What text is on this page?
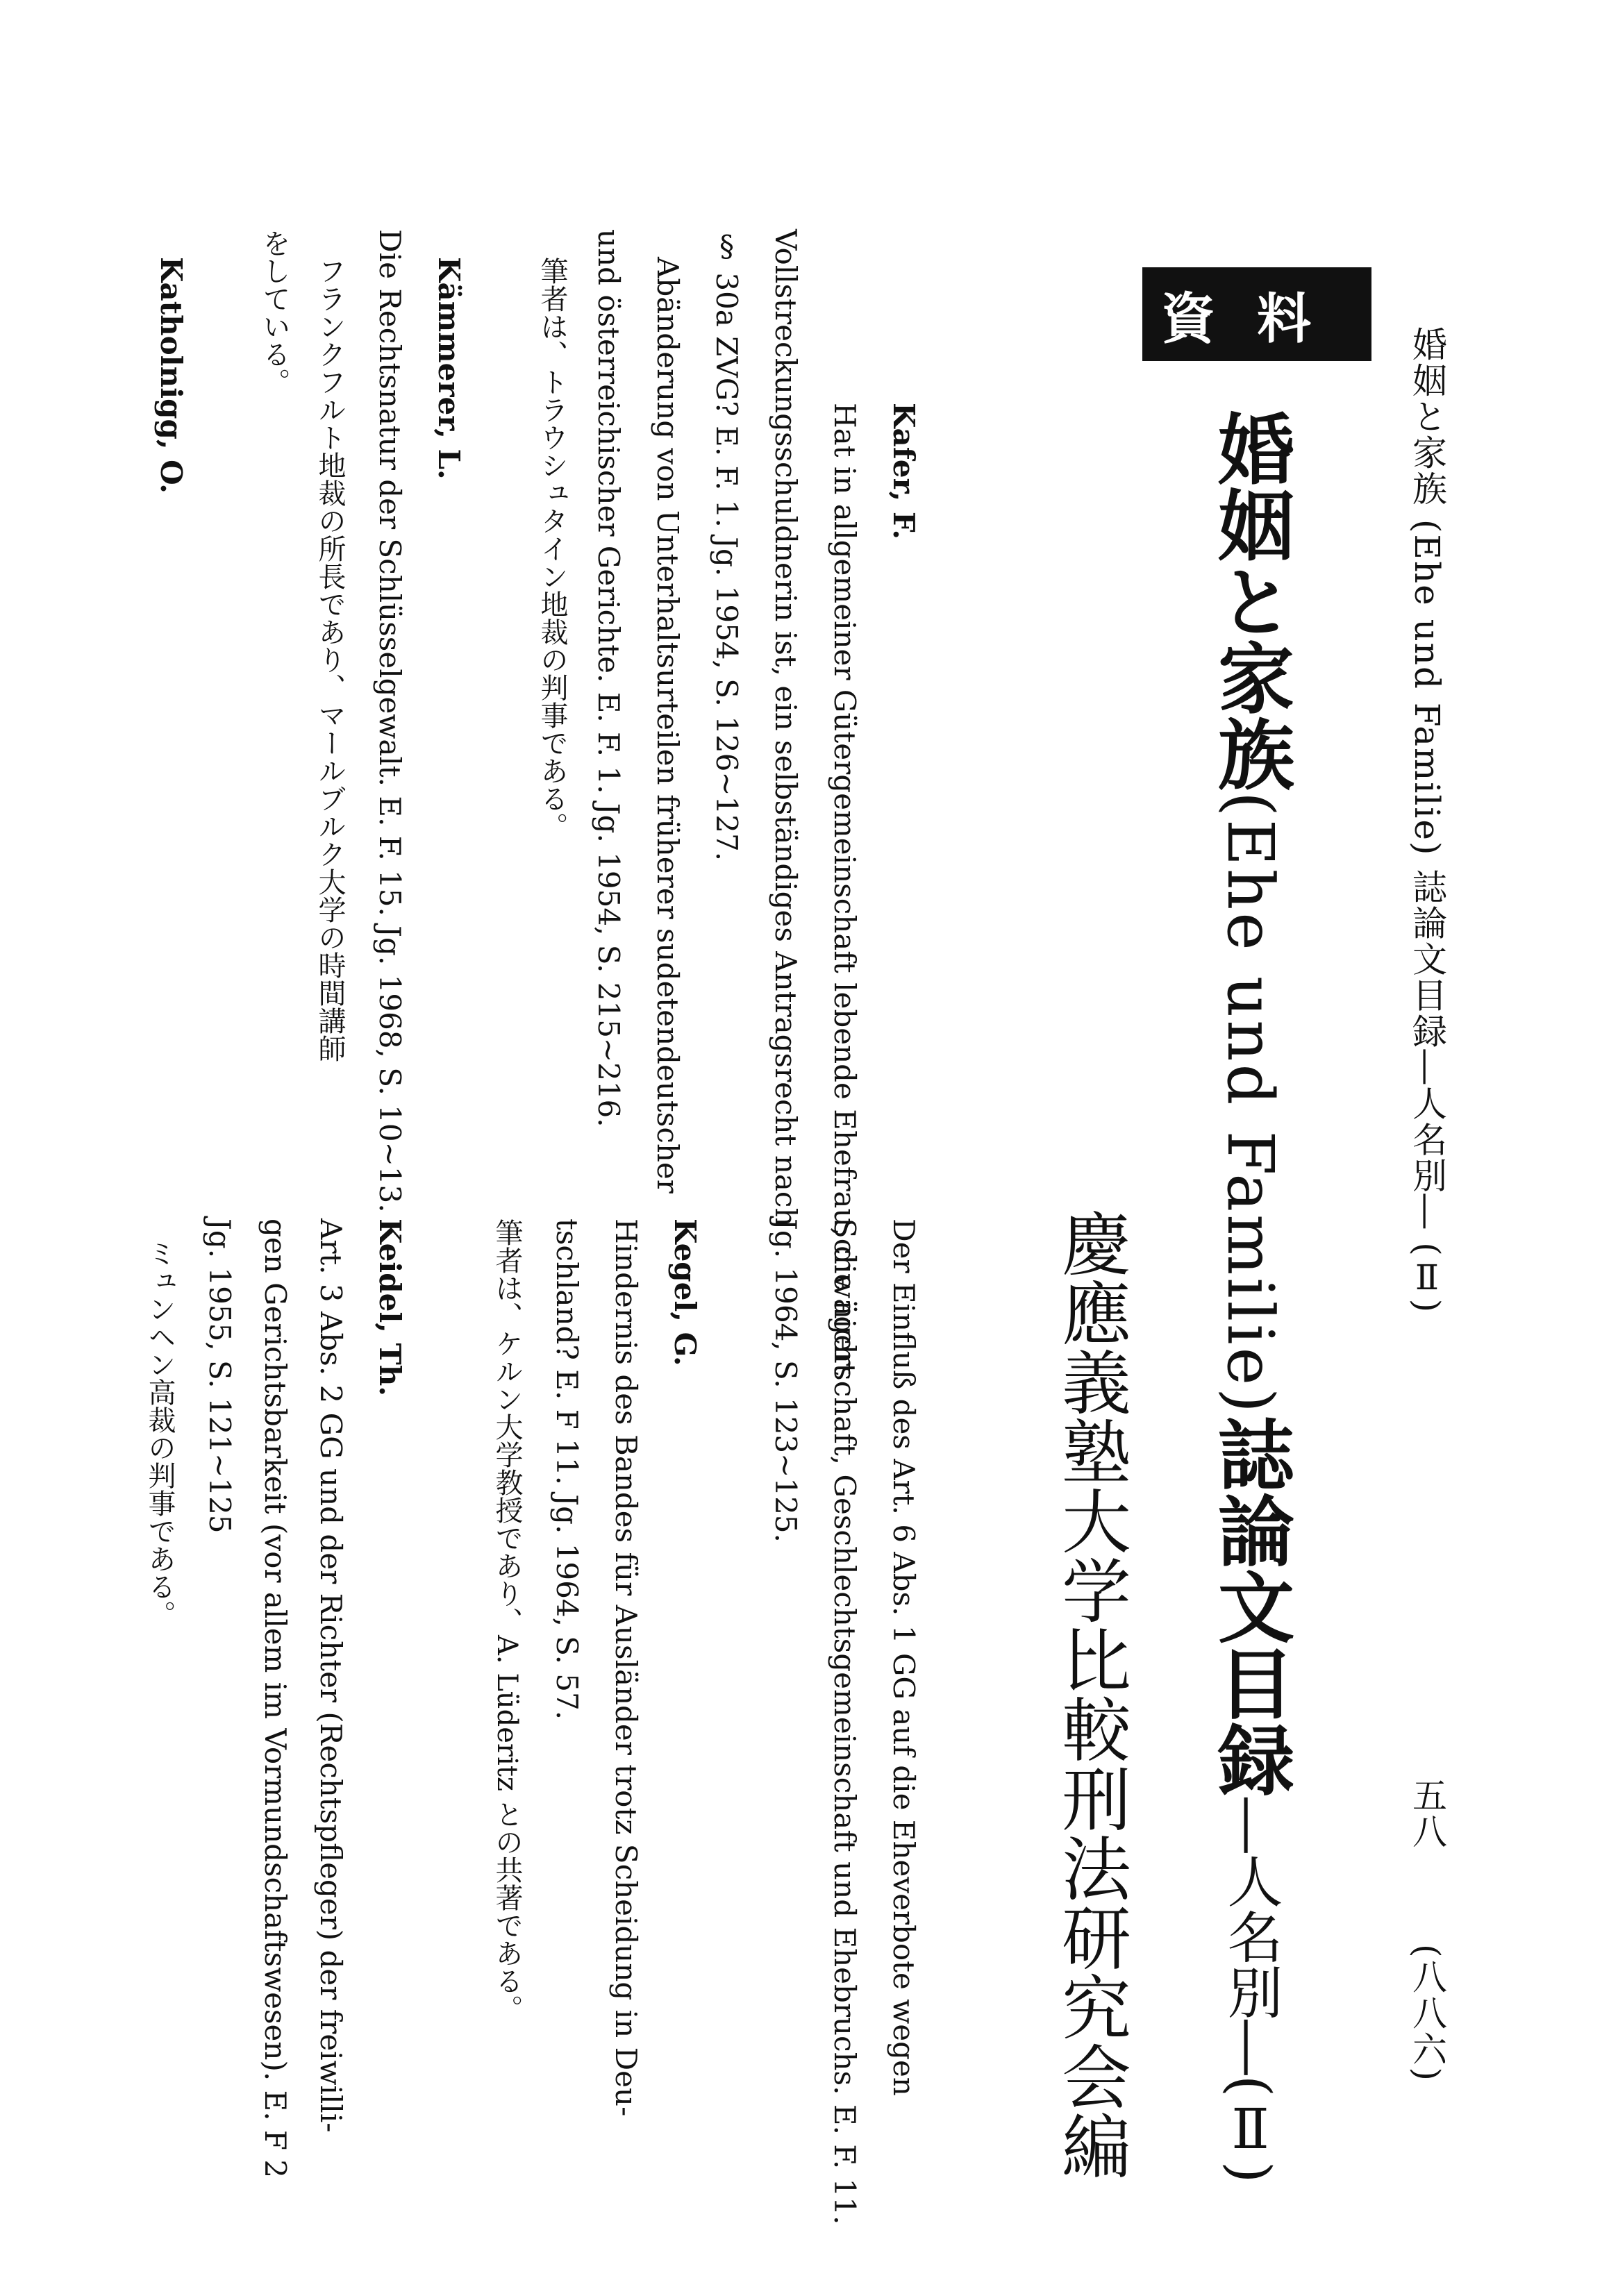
婚姻と家族 (Ehe und Familie) 誌論文目録―人名別― (Ⅱ)
五八
(八八六)
資料
婚姻と家族(Ehe und Familie)誌論文目録―人名別―(Ⅱ)
慶應義塾大学比較刑法研究会編
Der Einfluß des Art. 6 Abs. 1 GG auf die Eheverbote wegen
Schwägerschaft, Geschlechtsgemeinschaft und Ehebruchs. E. F. 11.
Jg. 1964, S. 123~125.
Kegel, G.
Hindernis des Bandes für Ausländer trotz Scheidung in Deu-
tschland? E. F 11. Jg. 1964, S. 57.
筆者は、ケルン大学教授であり、A. Lüderitz との共著である。
Keidel, Th.
Art. 3 Abs. 2 GG und der Richter (Rechtspfleger) der freiwilli-
gen Gerichtsbarkeit (vor allem im Vormundschaftswesen). E. F 2
Jg. 1955, S. 121~125
ミュンヘン高裁の判事である。
Kafer, F.
Hat in allgemeiner Gütergemeinschaft lebende Ehefrau, die nicht
Vollstreckungsschuldnerin ist, ein selbständiges Antragsrecht nach
§ 30a ZVG? E. F. 1. Jg. 1954, S. 126~127.
Abänderung von Unterhaltsurteilen früherer sudetendeutscher
und österreichischer Gerichte. E. F. 1. Jg. 1954, S. 215~216.
筆者は、トラウシュタイン地裁の判事である。
Kämmerer, L.
Die Rechtsnatur der Schlüsselgewalt. E. F. 15. Jg. 1968, S. 10~13.
フランクフルト地裁の所長であり、マールブルク大学の時間講師
をしている。
Katholnigg, O.
